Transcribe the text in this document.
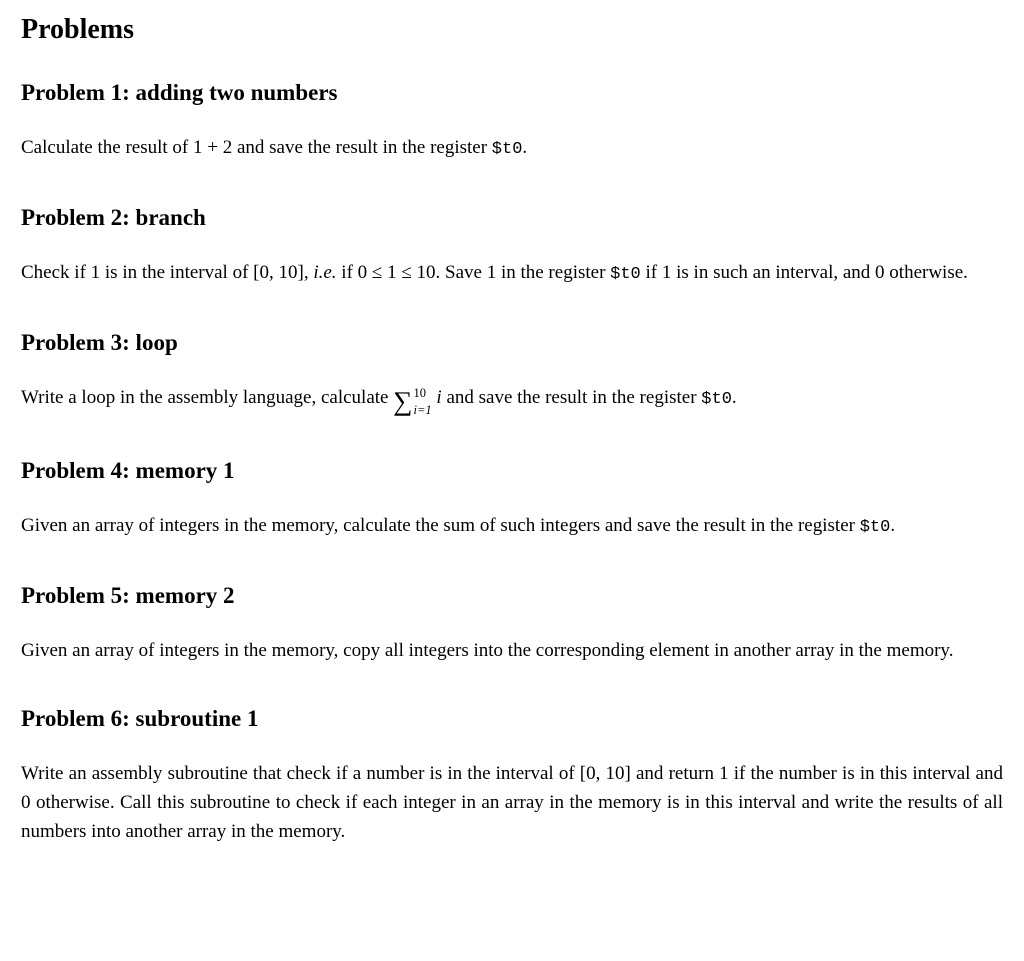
Problems
Problem 1: adding two numbers

Calculate the result of 1 + 2 and save the result in the register $t0.

Problem 2: branch

Check if 1 is in the interval of [0, 10], i.e. if 0 ≤ 1 ≤ 10. Save 1 in the register $t0 if 1 is in such an interval, and 0 otherwise.

Problem 3: loop

Write a loop in the assembly language, calculate ∑ 10
i=1
i and save the result in the register $t0.

Problem 4: memory 1

Given an array of integers in the memory, calculate the sum of such integers and save the result in the register $t0.

Problem 5: memory 2

Given an array of integers in the memory, copy all integers into the corresponding element in another array in the memory.

Problem 6: subroutine 1

Write an assembly subroutine that check if a number is in the interval of [0, 10] and return 1 if the number is in this interval and 0 otherwise. Call this subroutine to check if each integer in an array in the memory is in this interval and write the results of all numbers into another array in the memory.
